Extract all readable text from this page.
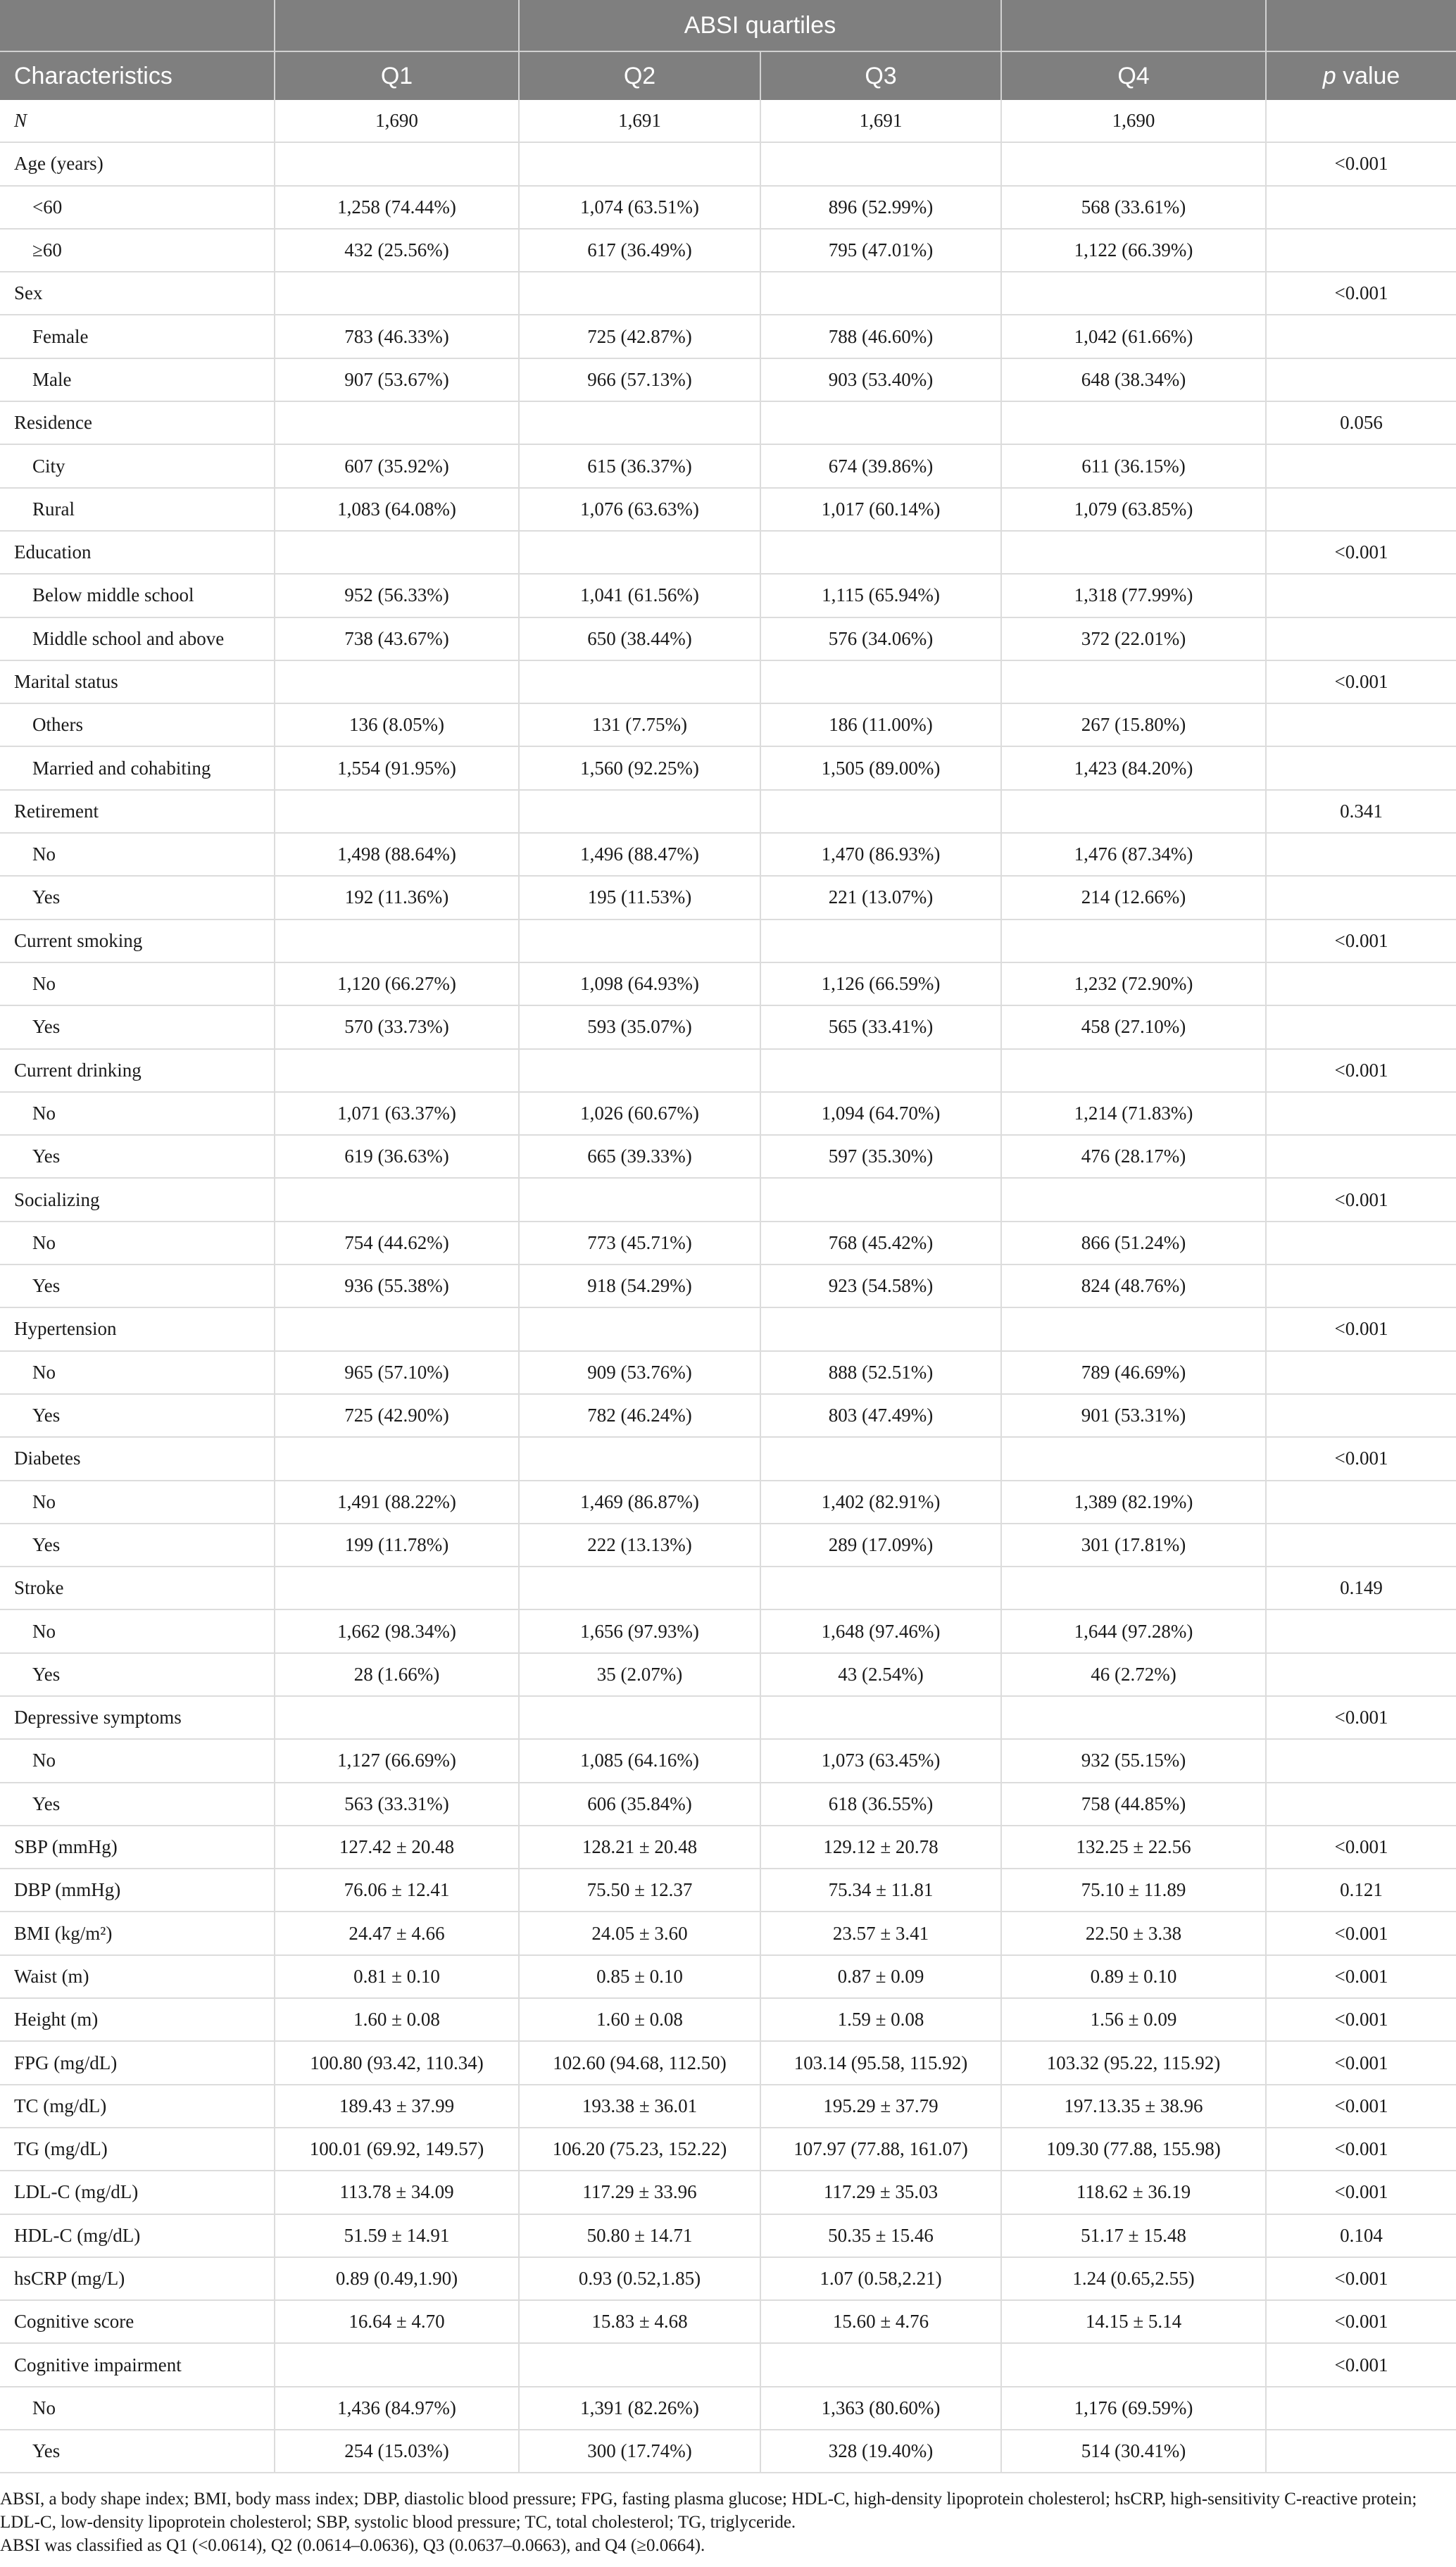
		ABSI quartiles			
Characteristics	Q1	Q2	Q3	Q4	p value
N	1,690	1,691	1,691	1,690	
Age (years)					<0.001
<60	1,258 (74.44%)	1,074 (63.51%)	896 (52.99%)	568 (33.61%)	
≥60	432 (25.56%)	617 (36.49%)	795 (47.01%)	1,122 (66.39%)	
Sex					<0.001
Female	783 (46.33%)	725 (42.87%)	788 (46.60%)	1,042 (61.66%)	
Male	907 (53.67%)	966 (57.13%)	903 (53.40%)	648 (38.34%)	
Residence					0.056
City	607 (35.92%)	615 (36.37%)	674 (39.86%)	611 (36.15%)	
Rural	1,083 (64.08%)	1,076 (63.63%)	1,017 (60.14%)	1,079 (63.85%)	
Education					<0.001
Below middle school	952 (56.33%)	1,041 (61.56%)	1,115 (65.94%)	1,318 (77.99%)	
Middle school and above	738 (43.67%)	650 (38.44%)	576 (34.06%)	372 (22.01%)	
Marital status					<0.001
Others	136 (8.05%)	131 (7.75%)	186 (11.00%)	267 (15.80%)	
Married and cohabiting	1,554 (91.95%)	1,560 (92.25%)	1,505 (89.00%)	1,423 (84.20%)	
Retirement					0.341
No	1,498 (88.64%)	1,496 (88.47%)	1,470 (86.93%)	1,476 (87.34%)	
Yes	192 (11.36%)	195 (11.53%)	221 (13.07%)	214 (12.66%)	
Current smoking					<0.001
No	1,120 (66.27%)	1,098 (64.93%)	1,126 (66.59%)	1,232 (72.90%)	
Yes	570 (33.73%)	593 (35.07%)	565 (33.41%)	458 (27.10%)	
Current drinking					<0.001
No	1,071 (63.37%)	1,026 (60.67%)	1,094 (64.70%)	1,214 (71.83%)	
Yes	619 (36.63%)	665 (39.33%)	597 (35.30%)	476 (28.17%)	
Socializing					<0.001
No	754 (44.62%)	773 (45.71%)	768 (45.42%)	866 (51.24%)	
Yes	936 (55.38%)	918 (54.29%)	923 (54.58%)	824 (48.76%)	
Hypertension					<0.001
No	965 (57.10%)	909 (53.76%)	888 (52.51%)	789 (46.69%)	
Yes	725 (42.90%)	782 (46.24%)	803 (47.49%)	901 (53.31%)	
Diabetes					<0.001
No	1,491 (88.22%)	1,469 (86.87%)	1,402 (82.91%)	1,389 (82.19%)	
Yes	199 (11.78%)	222 (13.13%)	289 (17.09%)	301 (17.81%)	
Stroke					0.149
No	1,662 (98.34%)	1,656 (97.93%)	1,648 (97.46%)	1,644 (97.28%)	
Yes	28 (1.66%)	35 (2.07%)	43 (2.54%)	46 (2.72%)	
Depressive symptoms					<0.001
No	1,127 (66.69%)	1,085 (64.16%)	1,073 (63.45%)	932 (55.15%)	
Yes	563 (33.31%)	606 (35.84%)	618 (36.55%)	758 (44.85%)	
SBP (mmHg)	127.42 ± 20.48	128.21 ± 20.48	129.12 ± 20.78	132.25 ± 22.56	<0.001
DBP (mmHg)	76.06 ± 12.41	75.50 ± 12.37	75.34 ± 11.81	75.10 ± 11.89	0.121
BMI (kg/m²)	24.47 ± 4.66	24.05 ± 3.60	23.57 ± 3.41	22.50 ± 3.38	<0.001
Waist (m)	0.81 ± 0.10	0.85 ± 0.10	0.87 ± 0.09	0.89 ± 0.10	<0.001
Height (m)	1.60 ± 0.08	1.60 ± 0.08	1.59 ± 0.08	1.56 ± 0.09	<0.001
FPG (mg/dL)	100.80 (93.42, 110.34)	102.60 (94.68, 112.50)	103.14 (95.58, 115.92)	103.32 (95.22, 115.92)	<0.001
TC (mg/dL)	189.43 ± 37.99	193.38 ± 36.01	195.29 ± 37.79	197.13.35 ± 38.96	<0.001
TG (mg/dL)	100.01 (69.92, 149.57)	106.20 (75.23, 152.22)	107.97 (77.88, 161.07)	109.30 (77.88, 155.98)	<0.001
LDL-C (mg/dL)	113.78 ± 34.09	117.29 ± 33.96	117.29 ± 35.03	118.62 ± 36.19	<0.001
HDL-C (mg/dL)	51.59 ± 14.91	50.80 ± 14.71	50.35 ± 15.46	51.17 ± 15.48	0.104
hsCRP (mg/L)	0.89 (0.49,1.90)	0.93 (0.52,1.85)	1.07 (0.58,2.21)	1.24 (0.65,2.55)	<0.001
Cognitive score	16.64 ± 4.70	15.83 ± 4.68	15.60 ± 4.76	14.15 ± 5.14	<0.001
Cognitive impairment					<0.001
No	1,436 (84.97%)	1,391 (82.26%)	1,363 (80.60%)	1,176 (69.59%)	
Yes	254 (15.03%)	300 (17.74%)	328 (19.40%)	514 (30.41%)	

ABSI, a body shape index; BMI, body mass index; DBP, diastolic blood pressure; FPG, fasting plasma glucose; HDL-C, high-density lipoprotein cholesterol; hsCRP, high-sensitivity C-reactive protein; LDL-C, low-density lipoprotein cholesterol; SBP, systolic blood pressure; TC, total cholesterol; TG, triglyceride.

ABSI was classified as Q1 (<0.0614), Q2 (0.0614–0.0636), Q3 (0.0637–0.0663), and Q4 (≥0.0664).
